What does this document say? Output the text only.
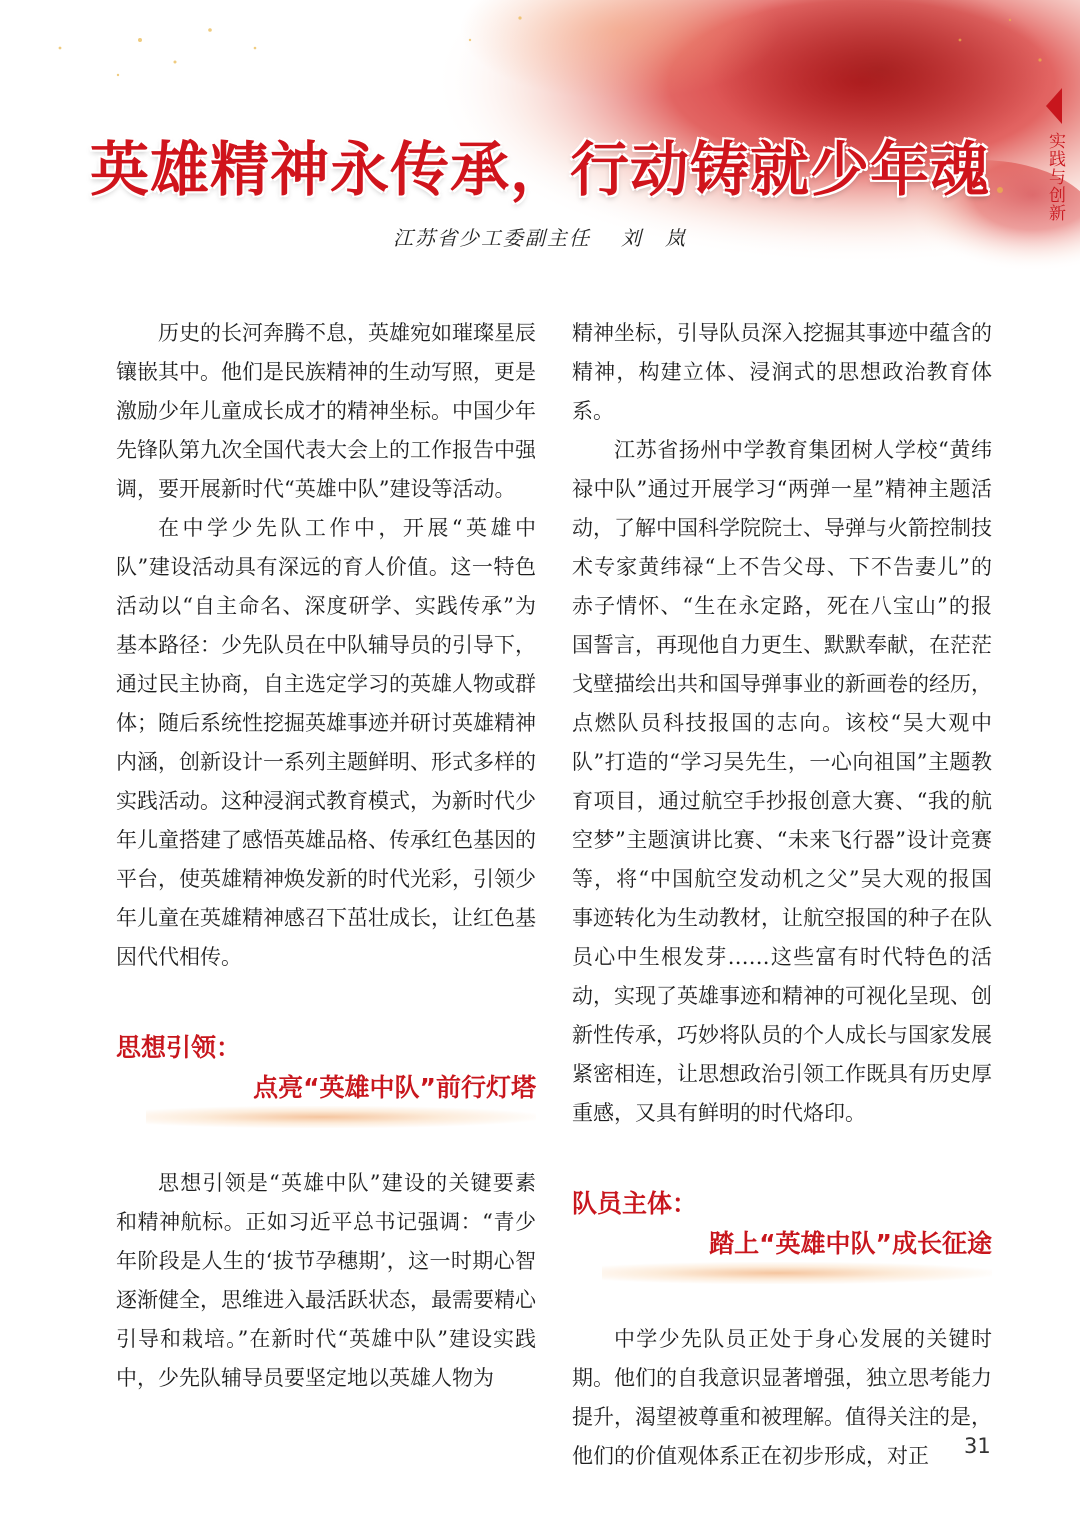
实践与创新
英雄精神永传承，行动铸就少年魂
江苏省少工委副主任 刘　岚

历史的长河奔腾不息，英雄宛如璀璨星辰镶嵌其中。他们是民族精神的生动写照，更是激励少年儿童成长成才的精神坐标。中国少年先锋队第九次全国代表大会上的工作报告中强调，要开展新时代“英雄中队”建设等活动。

在中学少先队工作中，开展“英雄中队”建设活动具有深远的育人价值。这一特色活动以“自主命名、深度研学、实践传承”为基本路径：少先队员在中队辅导员的引导下，通过民主协商，自主选定学习的英雄人物或群体；随后系统性挖掘英雄事迹并研讨英雄精神内涵，创新设计一系列主题鲜明、形式多样的实践活动。这种浸润式教育模式，为新时代少年儿童搭建了感悟英雄品格、传承红色基因的平台，使英雄精神焕发新的时代光彩，引领少年儿童在英雄精神感召下茁壮成长，让红色基因代代相传。

思想引领：
点亮“英雄中队”前行灯塔

思想引领是“英雄中队”建设的关键要素和精神航标。正如习近平总书记强调：“青少年阶段是人生的‘拔节孕穗期’，这一时期心智逐渐健全，思维进入最活跃状态，最需要精心引导和栽培。”在新时代“英雄中队”建设实践中，少先队辅导员要坚定地以英雄人物为

精神坐标，引导队员深入挖掘其事迹中蕴含的精神，构建立体、浸润式的思想政治教育体系。

江苏省扬州中学教育集团树人学校“黄纬禄中队”通过开展学习“两弹一星”精神主题活动，了解中国科学院院士、导弹与火箭控制技术专家黄纬禄“上不告父母、下不告妻儿”的赤子情怀、“生在永定路，死在八宝山”的报国誓言，再现他自力更生、默默奉献，在茫茫戈壁描绘出共和国导弹事业的新画卷的经历，点燃队员科技报国的志向。该校“吴大观中队”打造的“学习吴先生，一心向祖国”主题教育项目，通过航空手抄报创意大赛、“我的航空梦”主题演讲比赛、“未来飞行器”设计竞赛等，将“中国航空发动机之父”吴大观的报国事迹转化为生动教材，让航空报国的种子在队员心中生根发芽……这些富有时代特色的活动，实现了英雄事迹和精神的可视化呈现、创新性传承，巧妙将队员的个人成长与国家发展紧密相连，让思想政治引领工作既具有历史厚重感，又具有鲜明的时代烙印。

队员主体：
踏上“英雄中队”成长征途

中学少先队员正处于身心发展的关键时期。他们的自我意识显著增强，独立思考能力提升，渴望被尊重和被理解。值得关注的是，他们的价值观体系正在初步形成，对正	31
